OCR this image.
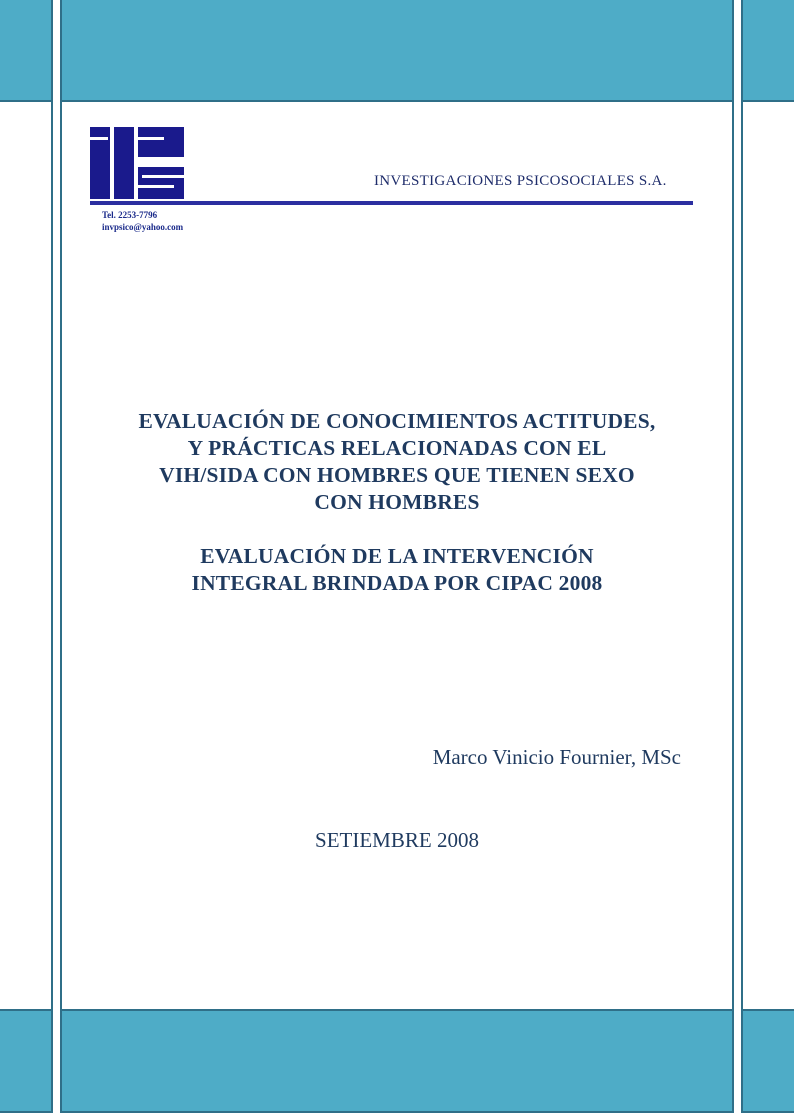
INVESTIGACIONES PSICOSOCIALES S.A.
Tel. 2253-7796
invpsico@yahoo.com
EVALUACIÓN DE CONOCIMIENTOS ACTITUDES,
Y PRÁCTICAS RELACIONADAS CON EL
VIH/SIDA CON HOMBRES QUE TIENEN SEXO
CON HOMBRES
EVALUACIÓN DE LA INTERVENCIÓN
INTEGRAL BRINDADA POR CIPAC 2008
Marco Vinicio Fournier, MSc
SETIEMBRE 2008
